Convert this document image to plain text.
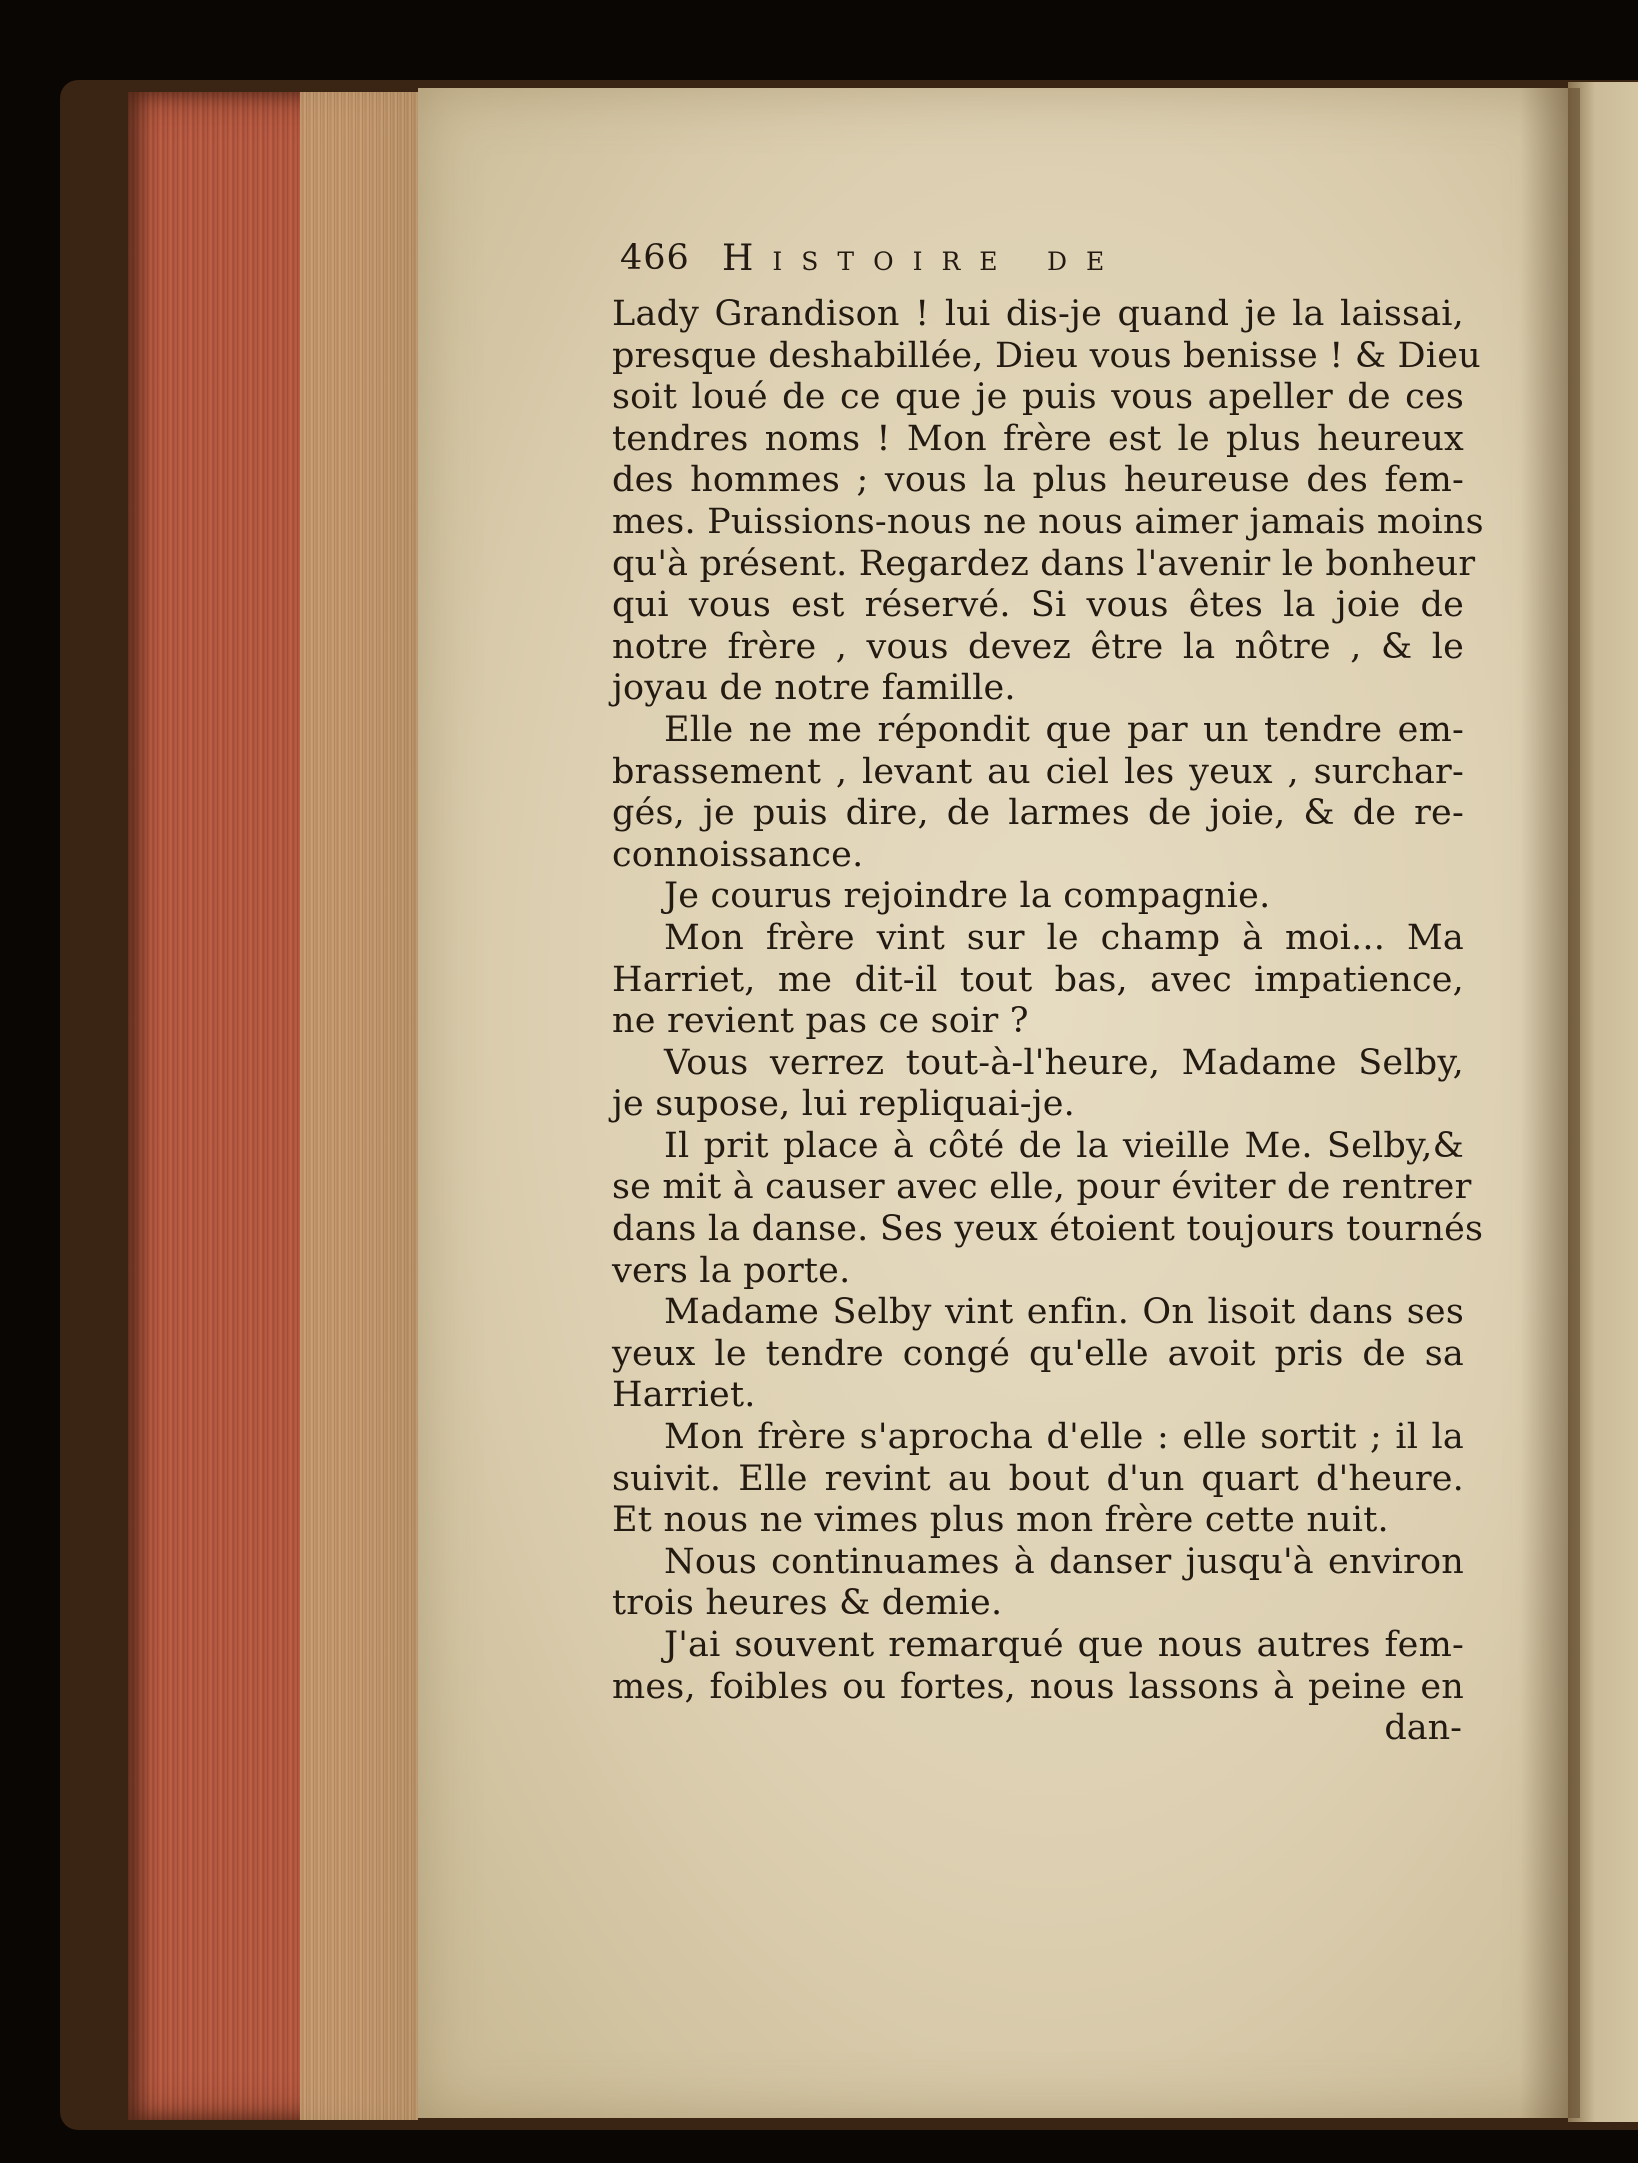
466 Histoire de
Lady Grandison ! lui dis-je quand je la laissai,
presque deshabillée, Dieu vous benisse ! & Dieu
soit loué de ce que je puis vous apeller de ces
tendres noms ! Mon frère est le plus heureux
des hommes ; vous la plus heureuse des fem-
mes. Puissions-nous ne nous aimer jamais moins
qu'à présent. Regardez dans l'avenir le bonheur
qui vous est réservé. Si vous êtes la joie de
notre frère , vous devez être la nôtre , & le
joyau de notre famille.
Elle ne me répondit que par un tendre em-
brassement , levant au ciel les yeux , surchar-
gés, je puis dire, de larmes de joie, & de re-
connoissance.
Je courus rejoindre la compagnie.
Mon frère vint sur le champ à moi... Ma
Harriet, me dit-il tout bas, avec impatience,
ne revient pas ce soir ?
Vous verrez tout-à-l'heure, Madame Selby,
je supose, lui repliquai-je.
Il prit place à côté de la vieille Me. Selby,&
se mit à causer avec elle, pour éviter de rentrer
dans la danse. Ses yeux étoient toujours tournés
vers la porte.
Madame Selby vint enfin. On lisoit dans ses
yeux le tendre congé qu'elle avoit pris de sa
Harriet.
Mon frère s'aprocha d'elle : elle sortit ; il la
suivit. Elle revint au bout d'un quart d'heure.
Et nous ne vimes plus mon frère cette nuit.
Nous continuames à danser jusqu'à environ
trois heures & demie.
J'ai souvent remarqué que nous autres fem-
mes, foibles ou fortes, nous lassons à peine en
dan-
